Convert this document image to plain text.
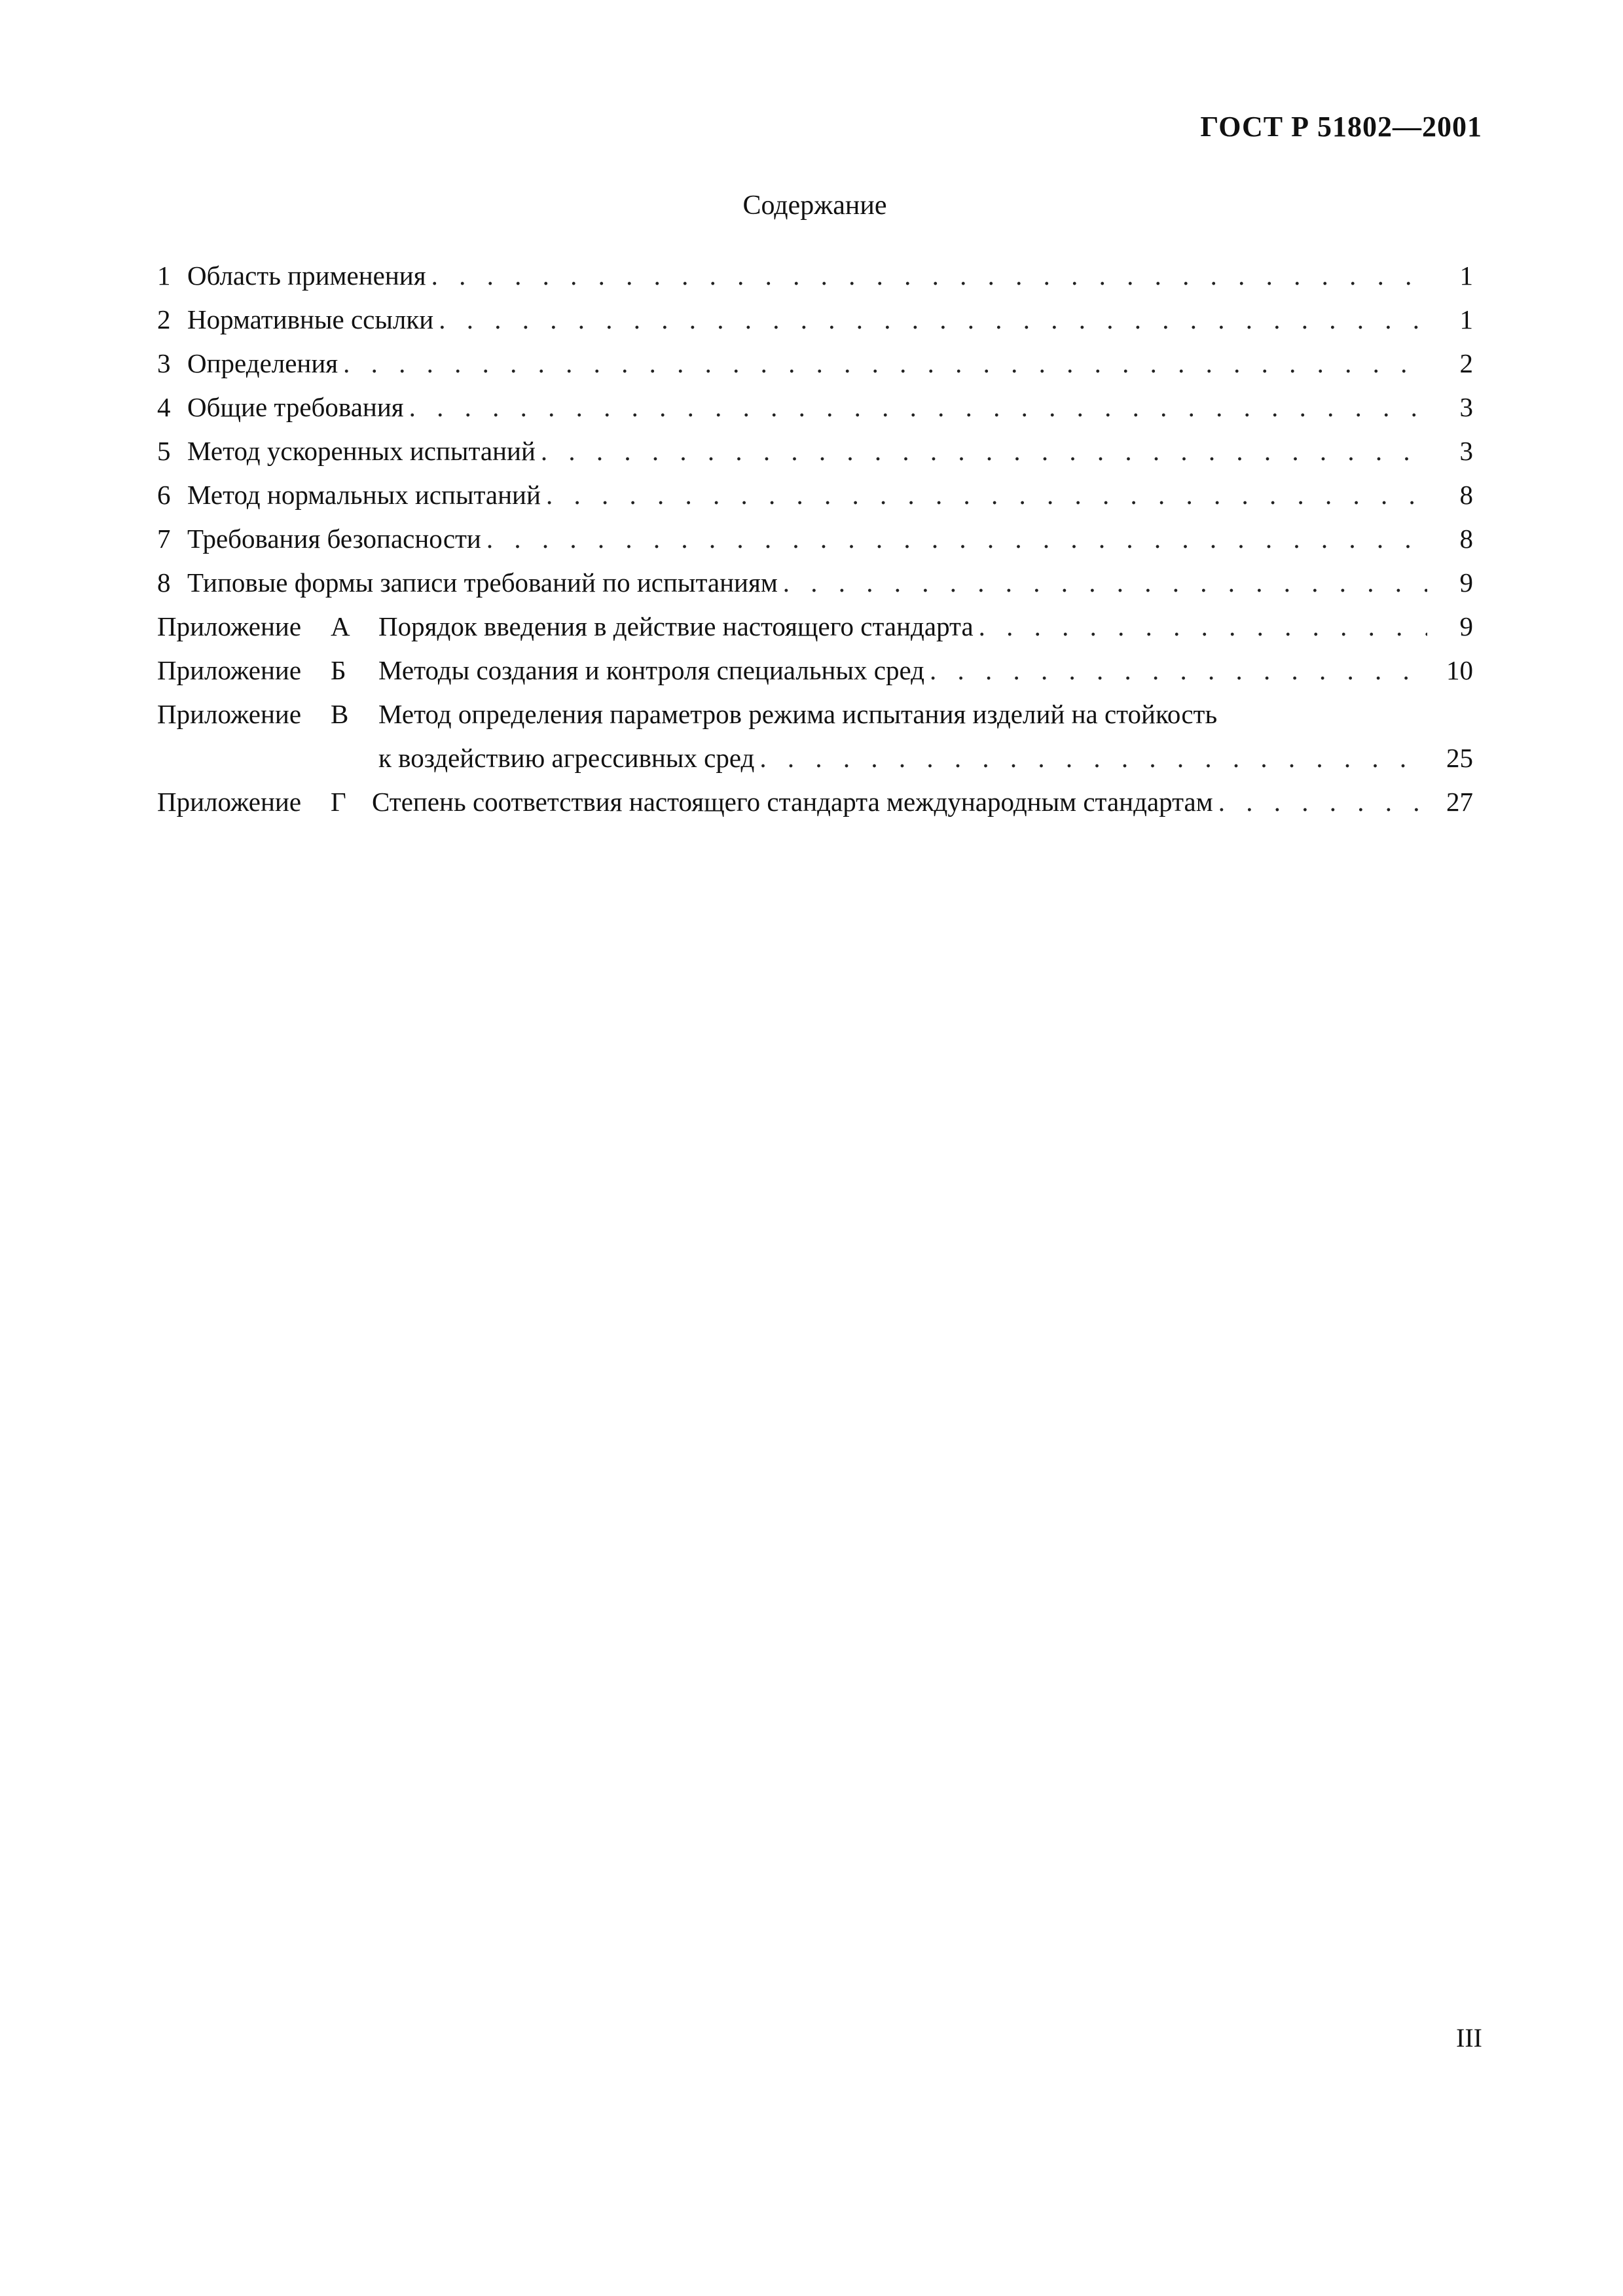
ГОСТ Р 51802—2001
Содержание
1 Область применения . . .	1
2 Нормативные ссылки . . .	1
3 Определения . . .	2
4 Общие требования . . .	3
5 Метод ускоренных испытаний . . .	3
6 Метод нормальных испытаний . . .	8
7 Требования безопасности . . .	8
8 Типовые формы записи требований по испытаниям . . .	9
Приложение А	Порядок введения в действие настоящего стандарта . . .	9
Приложение Б	Методы создания и контроля специальных сред . . .	10
Приложение В	Метод определения параметров режима испытания изделий на стойкость
к воздействию агрессивных сред . . .	25
Приложение Г Степень соответствия настоящего стандарта международным стандартам . . .	27
III
